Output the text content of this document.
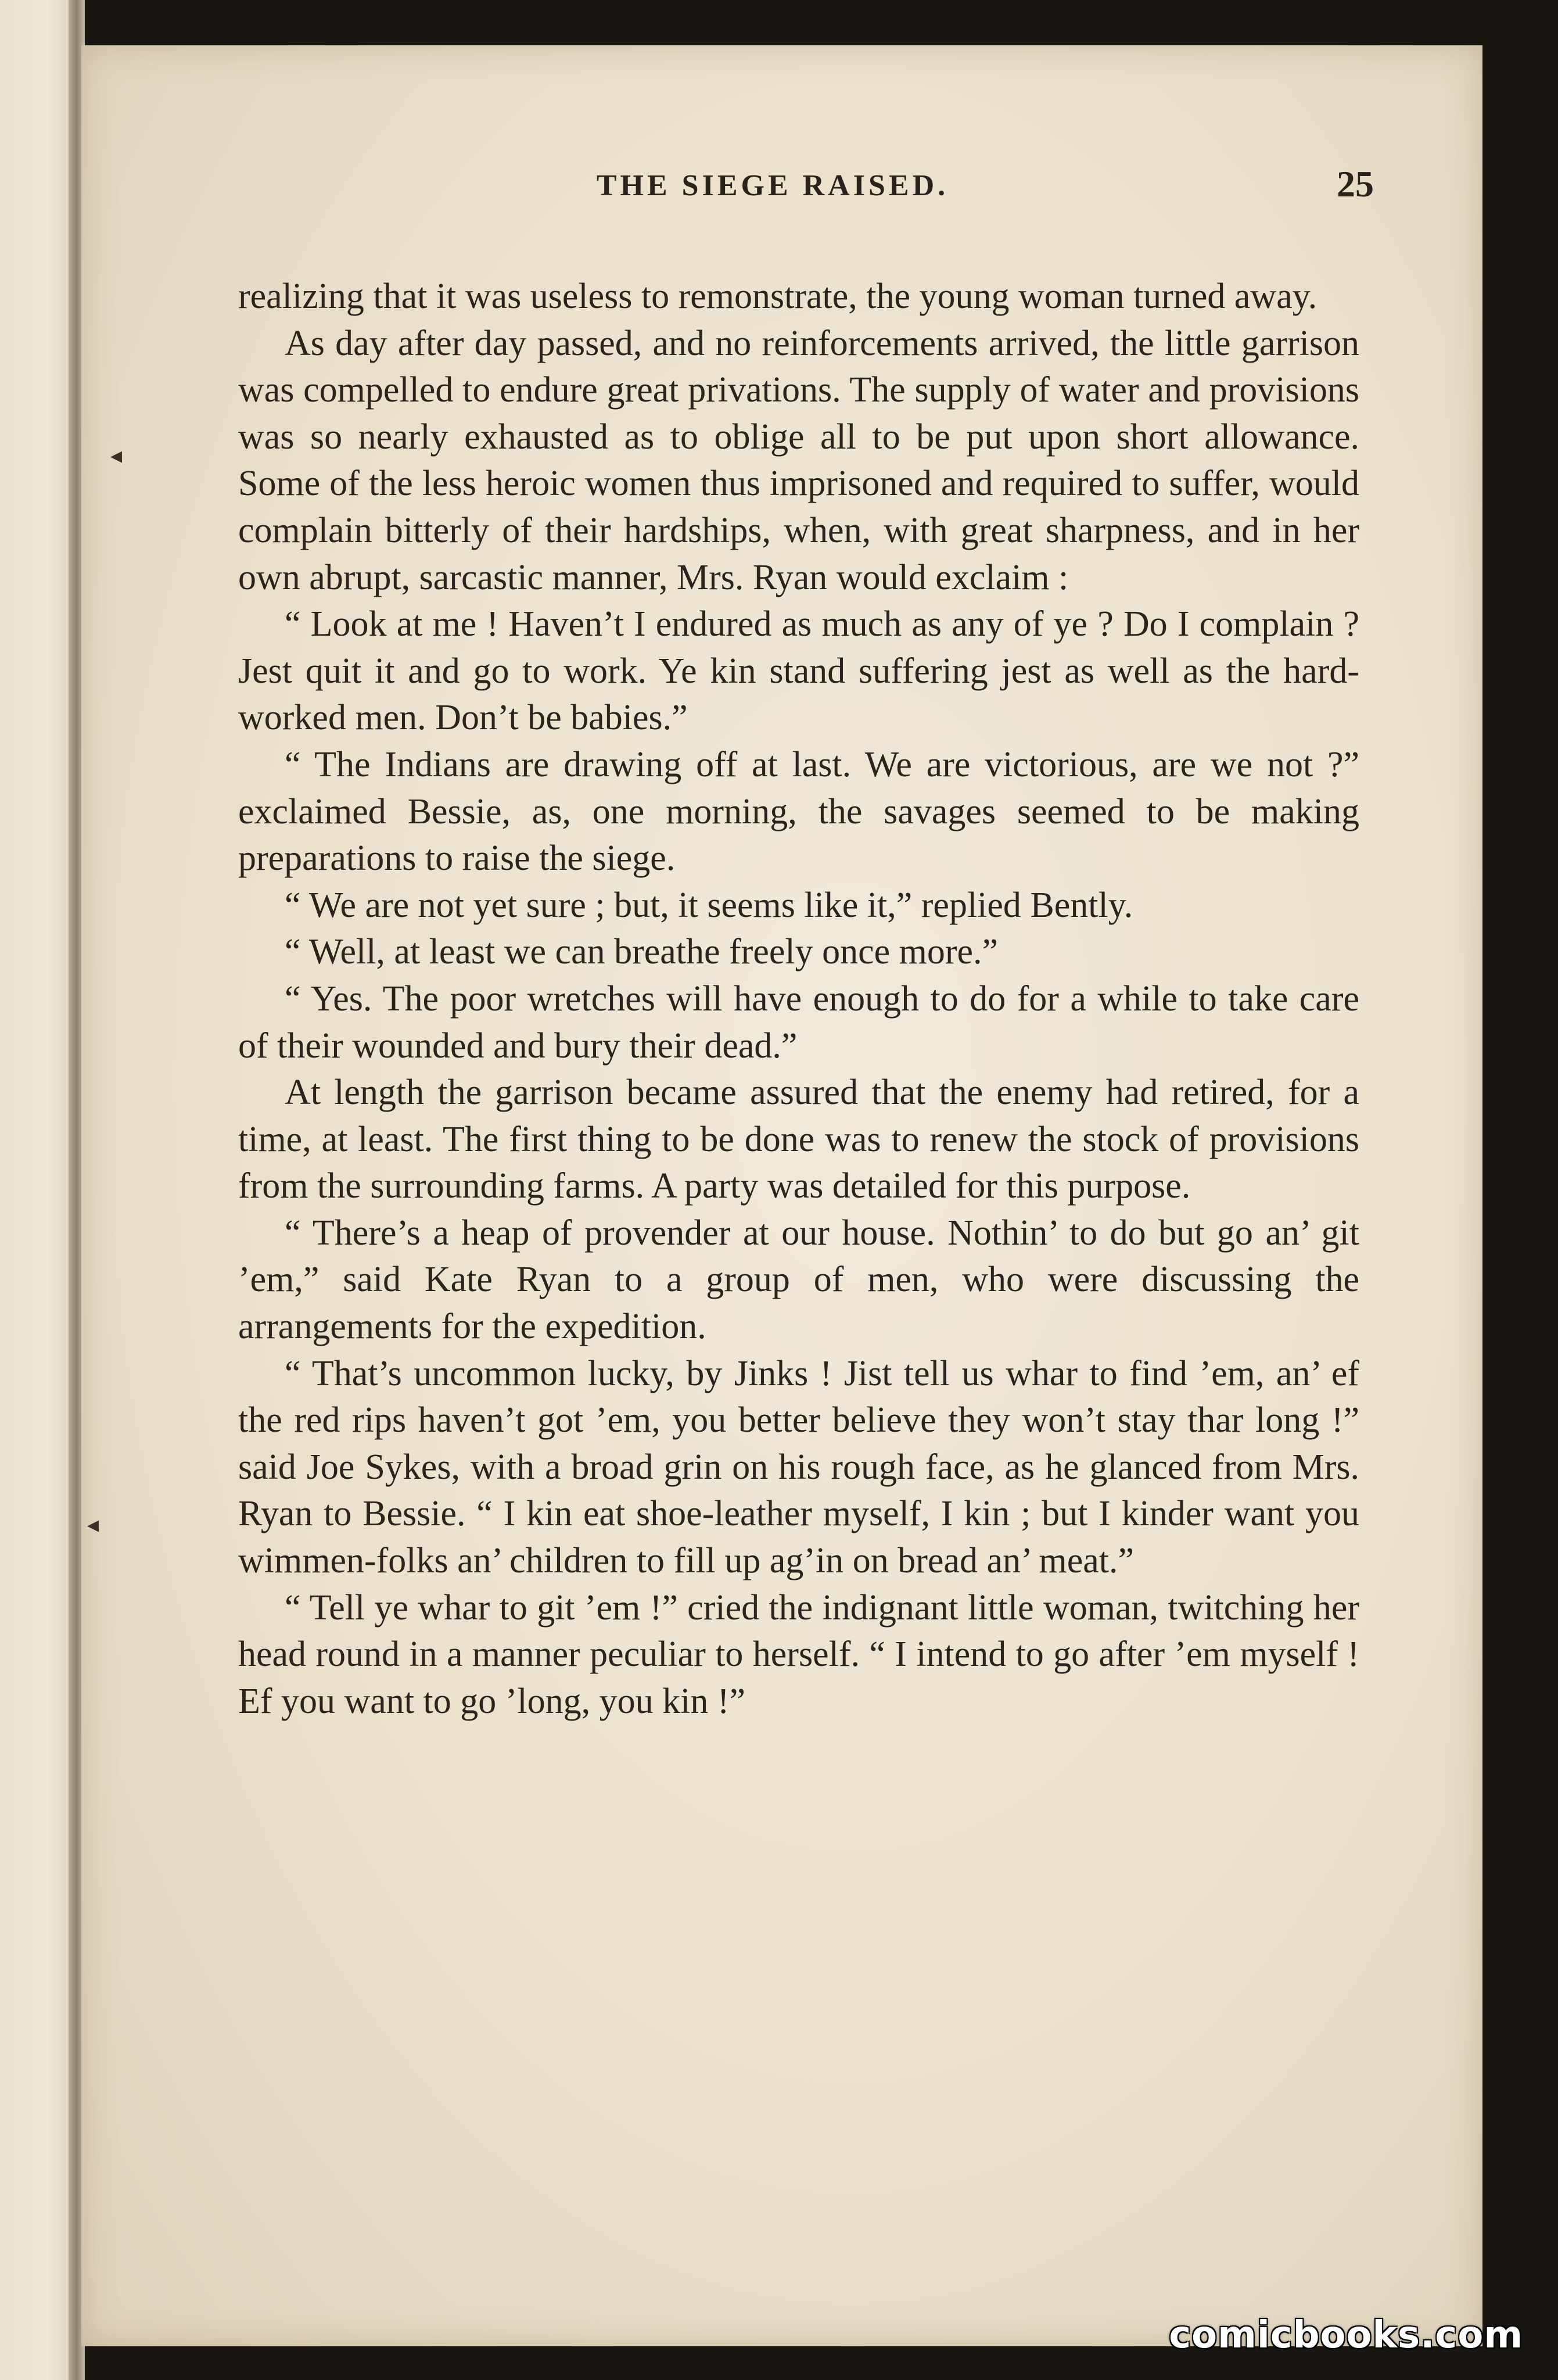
◂
◂
THE SIEGE RAISED.	25

realizing that it was useless to remonstrate, the young woman turned away.

As day after day passed, and no reinforcements arrived, the little garrison was compelled to endure great privations. The supply of water and provisions was so nearly exhausted as to oblige all to be put upon short allowance. Some of the less heroic women thus imprisoned and required to suffer, would complain bitterly of their hardships, when, with great sharpness, and in her own abrupt, sarcastic manner, Mrs. Ryan would exclaim :

“ Look at me ! Haven’t I endured as much as any of ye ? Do I complain ? Jest quit it and go to work. Ye kin stand suffering jest as well as the hard-worked men. Don’t be babies.”

“ The Indians are drawing off at last. We are victorious, are we not ?” exclaimed Bessie, as, one morning, the savages seemed to be making preparations to raise the siege.

“ We are not yet sure ; but, it seems like it,” replied Bently.

“ Well, at least we can breathe freely once more.”

“ Yes. The poor wretches will have enough to do for a while to take care of their wounded and bury their dead.”

At length the garrison became assured that the enemy had retired, for a time, at least. The first thing to be done was to renew the stock of provisions from the surrounding farms. A party was detailed for this purpose.

“ There’s a heap of provender at our house. Nothin’ to do but go an’ git ’em,” said Kate Ryan to a group of men, who were discussing the arrangements for the expedition.

“ That’s uncommon lucky, by Jinks ! Jist tell us whar to find ’em, an’ ef the red rips haven’t got ’em, you better believe they won’t stay thar long !” said Joe Sykes, with a broad grin on his rough face, as he glanced from Mrs. Ryan to Bessie. “ I kin eat shoe-leather myself, I kin ; but I kinder want you wimmen-folks an’ children to fill up ag’in on bread an’ meat.”

“ Tell ye whar to git ’em !” cried the indignant little woman, twitching her head round in a manner peculiar to herself. “ I intend to go after ’em myself ! Ef you want to go ’long, you kin !”

comicbooks.com
